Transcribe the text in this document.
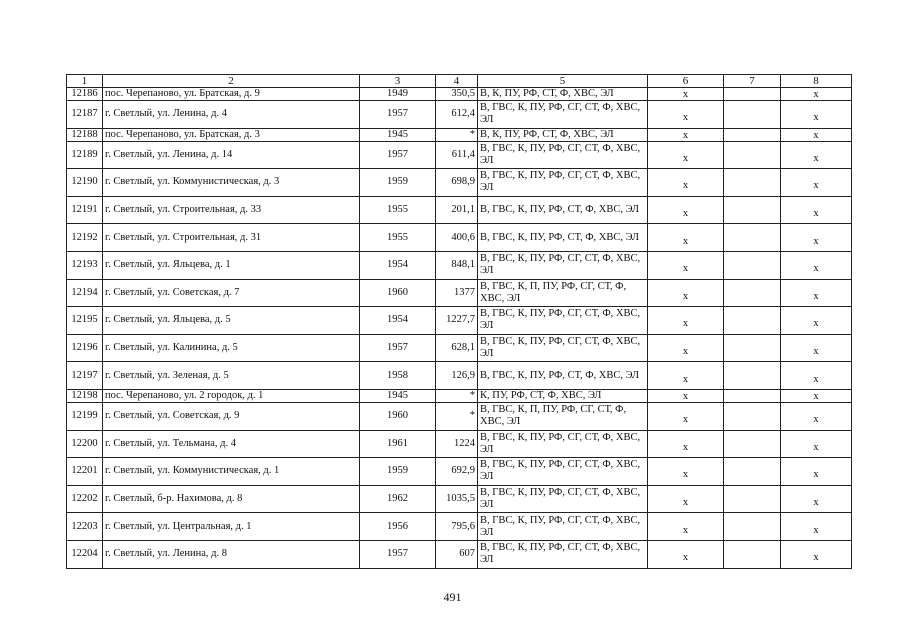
1	2	3	4	5	6	7	8
12186	пос. Черепаново, ул. Братская, д. 9	1949	350,5	В, К, ПУ, РФ, СТ, Ф, ХВС, ЭЛ	х		х
12187	г. Светлый, ул. Ленина, д. 4	1957	612,4	В, ГВС, К, ПУ, РФ, СГ, СТ, Ф, ХВС, ЭЛ	х		х
12188	пос. Черепаново, ул. Братская, д. 3	1945	*	В, К, ПУ, РФ, СТ, Ф, ХВС, ЭЛ	х		х
12189	г. Светлый, ул. Ленина, д. 14	1957	611,4	В, ГВС, К, ПУ, РФ, СГ, СТ, Ф, ХВС, ЭЛ	х		х
12190	г. Светлый, ул. Коммунистическая, д. 3	1959	698,9	В, ГВС, К, ПУ, РФ, СГ, СТ, Ф, ХВС, ЭЛ	х		х
12191	г. Светлый, ул. Строительная, д. 33	1955	201,1	В, ГВС, К, ПУ, РФ, СТ, Ф, ХВС, ЭЛ	х		х
12192	г. Светлый, ул. Строительная, д. 31	1955	400,6	В, ГВС, К, ПУ, РФ, СТ, Ф, ХВС, ЭЛ	х		х
12193	г. Светлый, ул. Яльцева, д. 1	1954	848,1	В, ГВС, К, ПУ, РФ, СГ, СТ, Ф, ХВС, ЭЛ	х		х
12194	г. Светлый, ул. Советская, д. 7	1960	1377	В, ГВС, К, П, ПУ, РФ, СГ, СТ, Ф, ХВС, ЭЛ	х		х
12195	г. Светлый, ул. Яльцева, д. 5	1954	1227,7	В, ГВС, К, ПУ, РФ, СГ, СТ, Ф, ХВС, ЭЛ	х		х
12196	г. Светлый, ул. Калинина, д. 5	1957	628,1	В, ГВС, К, ПУ, РФ, СГ, СТ, Ф, ХВС, ЭЛ	х		х
12197	г. Светлый, ул. Зеленая, д. 5	1958	126,9	В, ГВС, К, ПУ, РФ, СТ, Ф, ХВС, ЭЛ	х		х
12198	пос. Черепаново, ул. 2 городок, д. 1	1945	*	К, ПУ, РФ, СТ, Ф, ХВС, ЭЛ	х		х
12199	г. Светлый, ул. Советская, д. 9	1960	*	В, ГВС, К, П, ПУ, РФ, СГ, СТ, Ф, ХВС, ЭЛ	х		х
12200	г. Светлый, ул. Тельмана, д. 4	1961	1224	В, ГВС, К, ПУ, РФ, СГ, СТ, Ф, ХВС, ЭЛ	х		х
12201	г. Светлый, ул. Коммунистическая, д. 1	1959	692,9	В, ГВС, К, ПУ, РФ, СГ, СТ, Ф, ХВС, ЭЛ	х		х
12202	г. Светлый, б-р. Нахимова, д. 8	1962	1035,5	В, ГВС, К, ПУ, РФ, СГ, СТ, Ф, ХВС, ЭЛ	х		х
12203	г. Светлый, ул. Центральная, д. 1	1956	795,6	В, ГВС, К, ПУ, РФ, СГ, СТ, Ф, ХВС, ЭЛ	х		х
12204	г. Светлый, ул. Ленина, д. 8	1957	607	В, ГВС, К, ПУ, РФ, СГ, СТ, Ф, ХВС, ЭЛ	х		х
491
